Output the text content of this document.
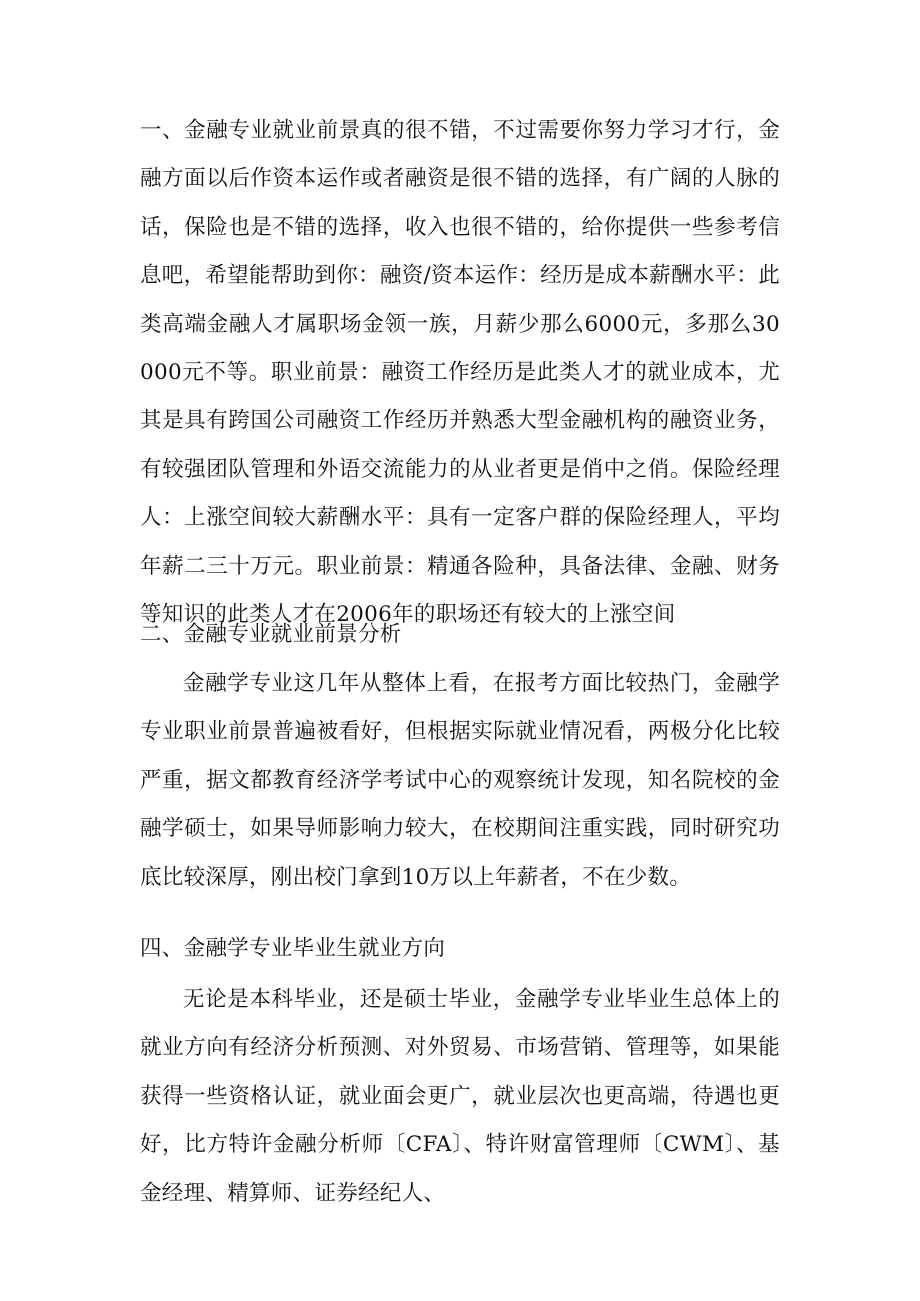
一、金融专业就业前景真的很不错，不过需要你努力学习才行，金融方面以后作资本运作或者融资是很不错的选择，有广阔的人脉的话，保险也是不错的选择，收入也很不错的，给你提供一些参考信息吧，希望能帮助到你：融资/资本运作：经历是成本薪酬水平：此类高端金融人才属职场金领一族，月薪少那么6000元，多那么30000元不等。职业前景：融资工作经历是此类人才的就业成本，尤其是具有跨国公司融资工作经历并熟悉大型金融机构的融资业务，有较强团队管理和外语交流能力的从业者更是俏中之俏。保险经理人：上涨空间较大薪酬水平：具有一定客户群的保险经理人，平均年薪二三十万元。职业前景：精通各险种，具备法律、金融、财务等知识的此类人才在2006年的职场还有较大的上涨空间

二、金融专业就业前景分析

金融学专业这几年从整体上看，在报考方面比较热门，金融学专业职业前景普遍被看好，但根据实际就业情况看，两极分化比较严重，据文都教育经济学考试中心的观察统计发现，知名院校的金融学硕士，如果导师影响力较大，在校期间注重实践，同时研究功底比较深厚，刚出校门拿到10万以上年薪者，不在少数。

四、金融学专业毕业生就业方向

无论是本科毕业，还是硕士毕业，金融学专业毕业生总体上的就业方向有经济分析预测、对外贸易、市场营销、管理等，如果能获得一些资格认证，就业面会更广，就业层次也更高端，待遇也更好，比方特许金融分析师〔CFA〕、特许财富管理师〔CWM〕、基金经理、精算师、证券经纪人、
